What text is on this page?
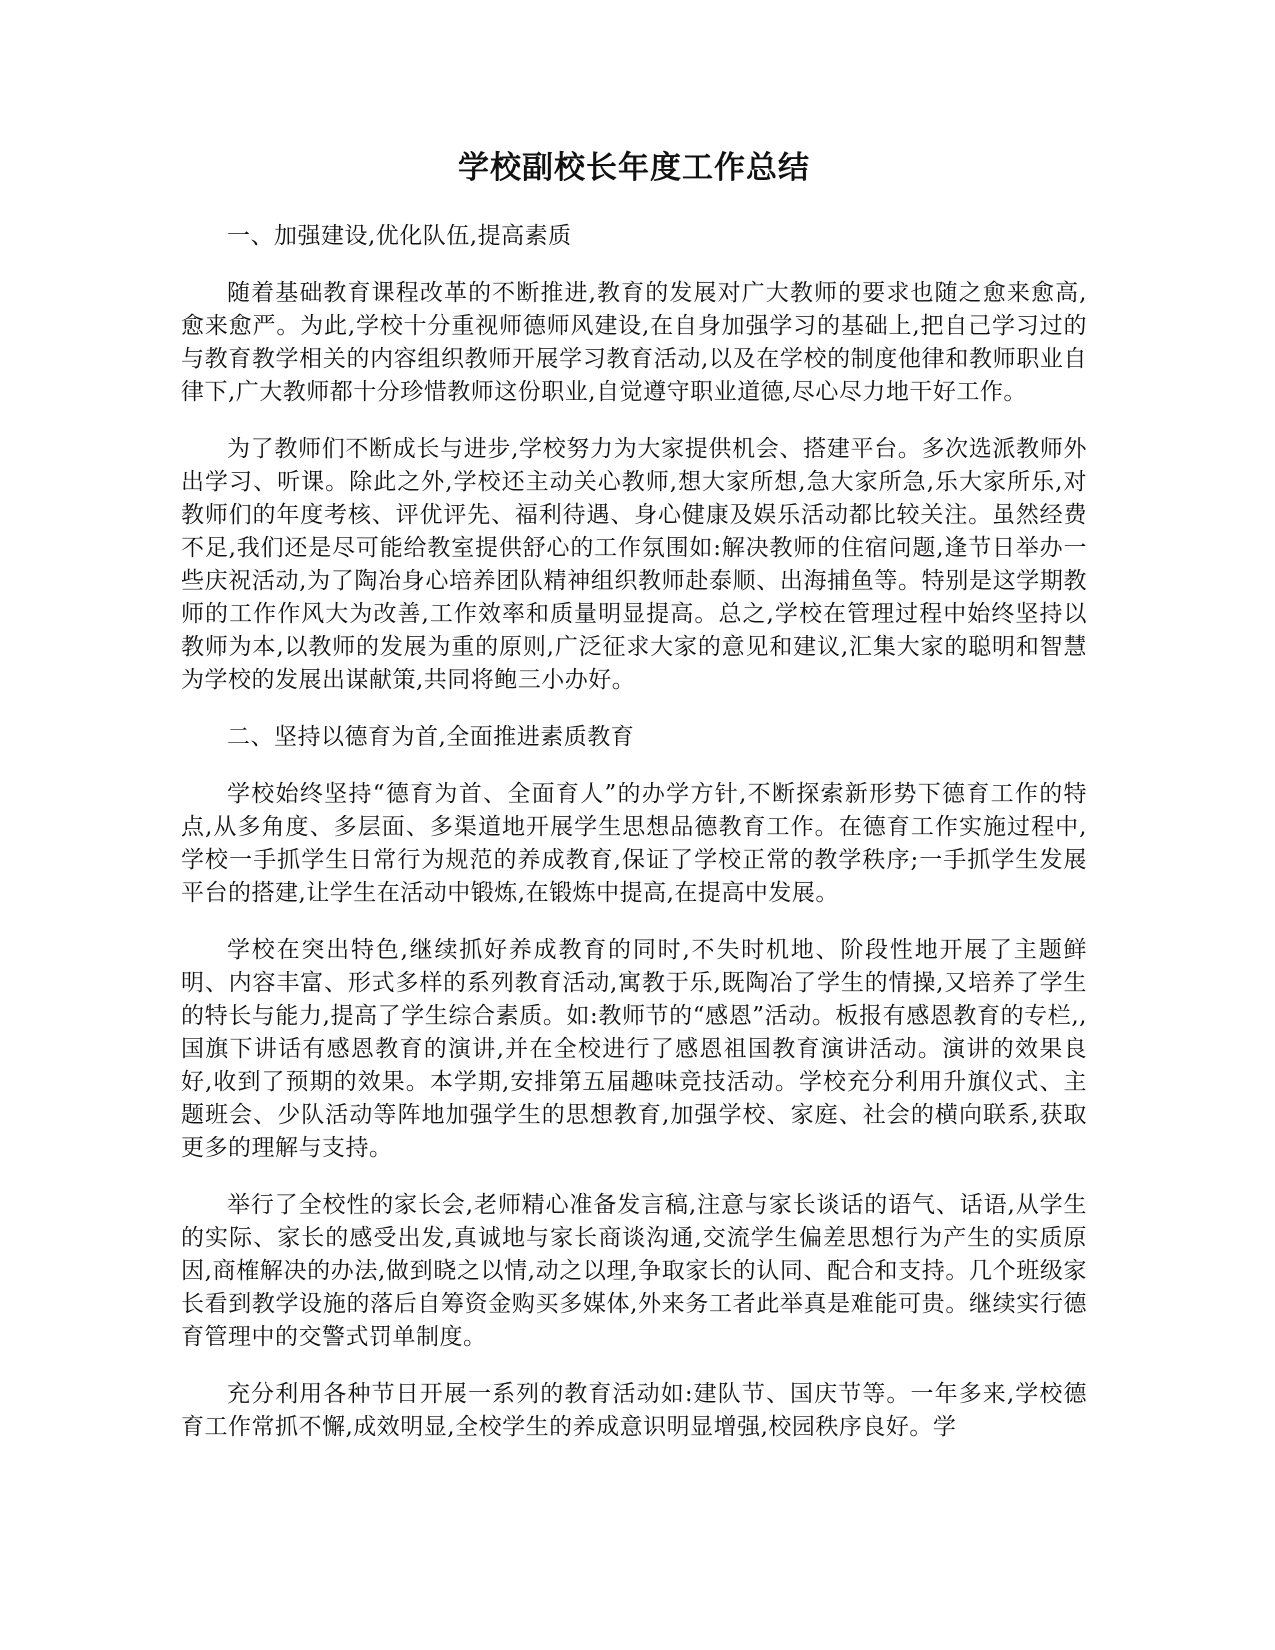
学校副校长年度工作总结

一、加强建设,优化队伍,提高素质

随着基础教育课程改革的不断推进,教育的发展对广大教师的要求也随之愈来愈高,愈来愈严。为此,学校十分重视师德师风建设,在自身加强学习的基础上,把自己学习过的与教育教学相关的内容组织教师开展学习教育活动,以及在学校的制度他律和教师职业自律下,广大教师都十分珍惜教师这份职业,自觉遵守职业道德,尽心尽力地干好工作。

为了教师们不断成长与进步,学校努力为大家提供机会、搭建平台。多次选派教师外出学习、听课。除此之外,学校还主动关心教师,想大家所想,急大家所急,乐大家所乐,对教师们的年度考核、评优评先、福利待遇、身心健康及娱乐活动都比较关注。虽然经费不足,我们还是尽可能给教室提供舒心的工作氛围如:解决教师的住宿问题,逢节日举办一些庆祝活动,为了陶冶身心培养团队精神组织教师赴泰顺、出海捕鱼等。特别是这学期教师的工作作风大为改善,工作效率和质量明显提高。总之,学校在管理过程中始终坚持以教师为本,以教师的发展为重的原则,广泛征求大家的意见和建议,汇集大家的聪明和智慧为学校的发展出谋献策,共同将鲍三小办好。

二、坚持以德育为首,全面推进素质教育

学校始终坚持“德育为首、全面育人”的办学方针,不断探索新形势下德育工作的特点,从多角度、多层面、多渠道地开展学生思想品德教育工作。在德育工作实施过程中,学校一手抓学生日常行为规范的养成教育,保证了学校正常的教学秩序;一手抓学生发展平台的搭建,让学生在活动中锻炼,在锻炼中提高,在提高中发展。

学校在突出特色,继续抓好养成教育的同时,不失时机地、阶段性地开展了主题鲜明、内容丰富、形式多样的系列教育活动,寓教于乐,既陶冶了学生的情操,又培养了学生的特长与能力,提高了学生综合素质。如:教师节的“感恩”活动。板报有感恩教育的专栏,,国旗下讲话有感恩教育的演讲,并在全校进行了感恩祖国教育演讲活动。演讲的效果良好,收到了预期的效果。本学期,安排第五届趣味竞技活动。学校充分利用升旗仪式、主题班会、少队活动等阵地加强学生的思想教育,加强学校、家庭、社会的横向联系,获取更多的理解与支持。

举行了全校性的家长会,老师精心准备发言稿,注意与家长谈话的语气、话语,从学生的实际、家长的感受出发,真诚地与家长商谈沟通,交流学生偏差思想行为产生的实质原因,商榷解决的办法,做到晓之以情,动之以理,争取家长的认同、配合和支持。几个班级家长看到教学设施的落后自筹资金购买多媒体,外来务工者此举真是难能可贵。继续实行德育管理中的交警式罚单制度。

充分利用各种节日开展一系列的教育活动如:建队节、国庆节等。一年多来,学校德育工作常抓不懈,成效明显,全校学生的养成意识明显增强,校园秩序良好。学
